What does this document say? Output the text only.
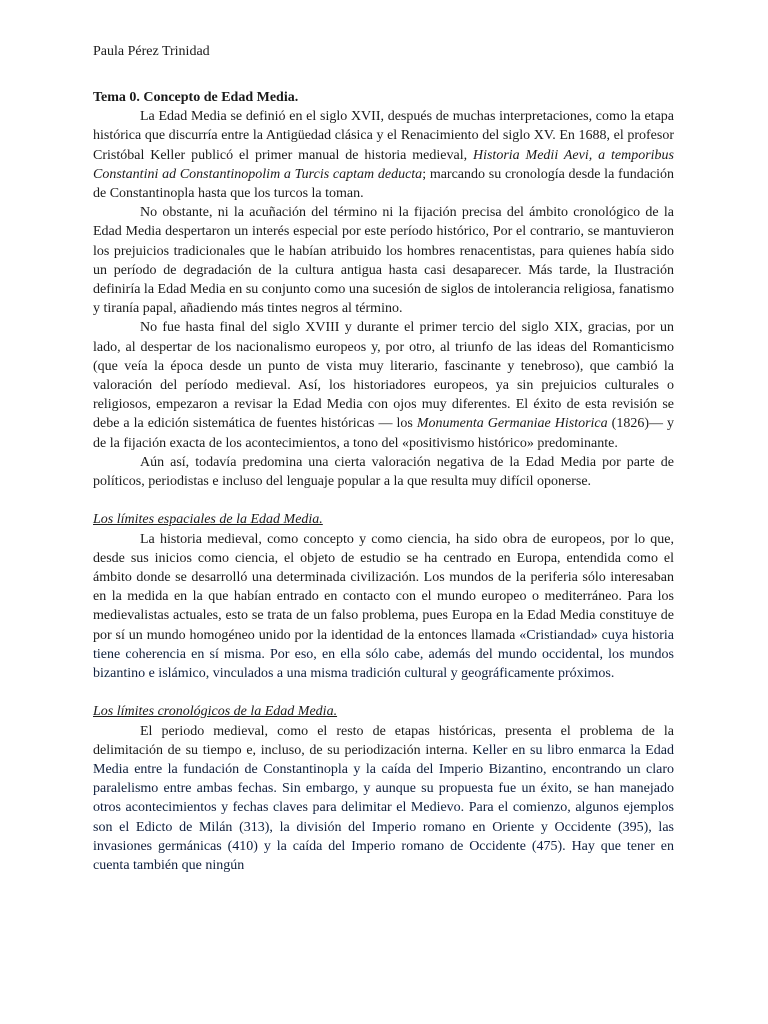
Paula Pérez Trinidad

Tema 0. Concepto de Edad Media.

La Edad Media se definió en el siglo XVII, después de muchas interpretaciones, como la etapa histórica que discurría entre la Antigüedad clásica y el Renacimiento del siglo XV. En 1688, el profesor Cristóbal Keller publicó el primer manual de historia medieval, Historia Medii Aevi, a temporibus Constantini ad Constantinopolim a Turcis captam deducta; marcando su cronología desde la fundación de Constantinopla hasta que los turcos la toman.

No obstante, ni la acuñación del término ni la fijación precisa del ámbito cronológico de la Edad Media despertaron un interés especial por este período histórico, Por el contrario, se mantuvieron los prejuicios tradicionales que le habían atribuido los hombres renacentistas, para quienes había sido un período de degradación de la cultura antigua hasta casi desaparecer. Más tarde, la Ilustración definiría la Edad Media en su conjunto como una sucesión de siglos de intolerancia religiosa, fanatismo y tiranía papal, añadiendo más tintes negros al término.

No fue hasta final del siglo XVIII y durante el primer tercio del siglo XIX, gracias, por un lado, al despertar de los nacionalismo europeos y, por otro, al triunfo de las ideas del Romanticismo (que veía la época desde un punto de vista muy literario, fascinante y tenebroso), que cambió la valoración del período medieval. Así, los historiadores europeos, ya sin prejuicios culturales o religiosos, empezaron a revisar la Edad Media con ojos muy diferentes. El éxito de esta revisión se debe a la edición sistemática de fuentes históricas — los Monumenta Germaniae Historica (1826)— y de la fijación exacta de los acontecimientos, a tono del «positivismo histórico» predominante.

Aún así, todavía predomina una cierta valoración negativa de la Edad Media por parte de políticos, periodistas e incluso del lenguaje popular a la que resulta muy difícil oponerse.

Los límites espaciales de la Edad Media.

La historia medieval, como concepto y como ciencia, ha sido obra de europeos, por lo que, desde sus inicios como ciencia, el objeto de estudio se ha centrado en Europa, entendida como el ámbito donde se desarrolló una determinada civilización. Los mundos de la periferia sólo interesaban en la medida en la que habían entrado en contacto con el mundo europeo o mediterráneo. Para los medievalistas actuales, esto se trata de un falso problema, pues Europa en la Edad Media constituye de por sí un mundo homogéneo unido por la identidad de la entonces llamada «Cristiandad» cuya historia tiene coherencia en sí misma. Por eso, en ella sólo cabe, además del mundo occidental, los mundos bizantino e islámico, vinculados a una misma tradición cultural y geográficamente próximos.

Los límites cronológicos de la Edad Media.

El periodo medieval, como el resto de etapas históricas, presenta el problema de la delimitación de su tiempo e, incluso, de su periodización interna. Keller en su libro enmarca la Edad Media entre la fundación de Constantinopla y la caída del Imperio Bizantino, encontrando un claro paralelismo entre ambas fechas. Sin embargo, y aunque su propuesta fue un éxito, se han manejado otros acontecimientos y fechas claves para delimitar el Medievo. Para el comienzo, algunos ejemplos son el Edicto de Milán (313), la división del Imperio romano en Oriente y Occidente (395), las invasiones germánicas (410) y la caída del Imperio romano de Occidente (475). Hay que tener en cuenta también que ningún
